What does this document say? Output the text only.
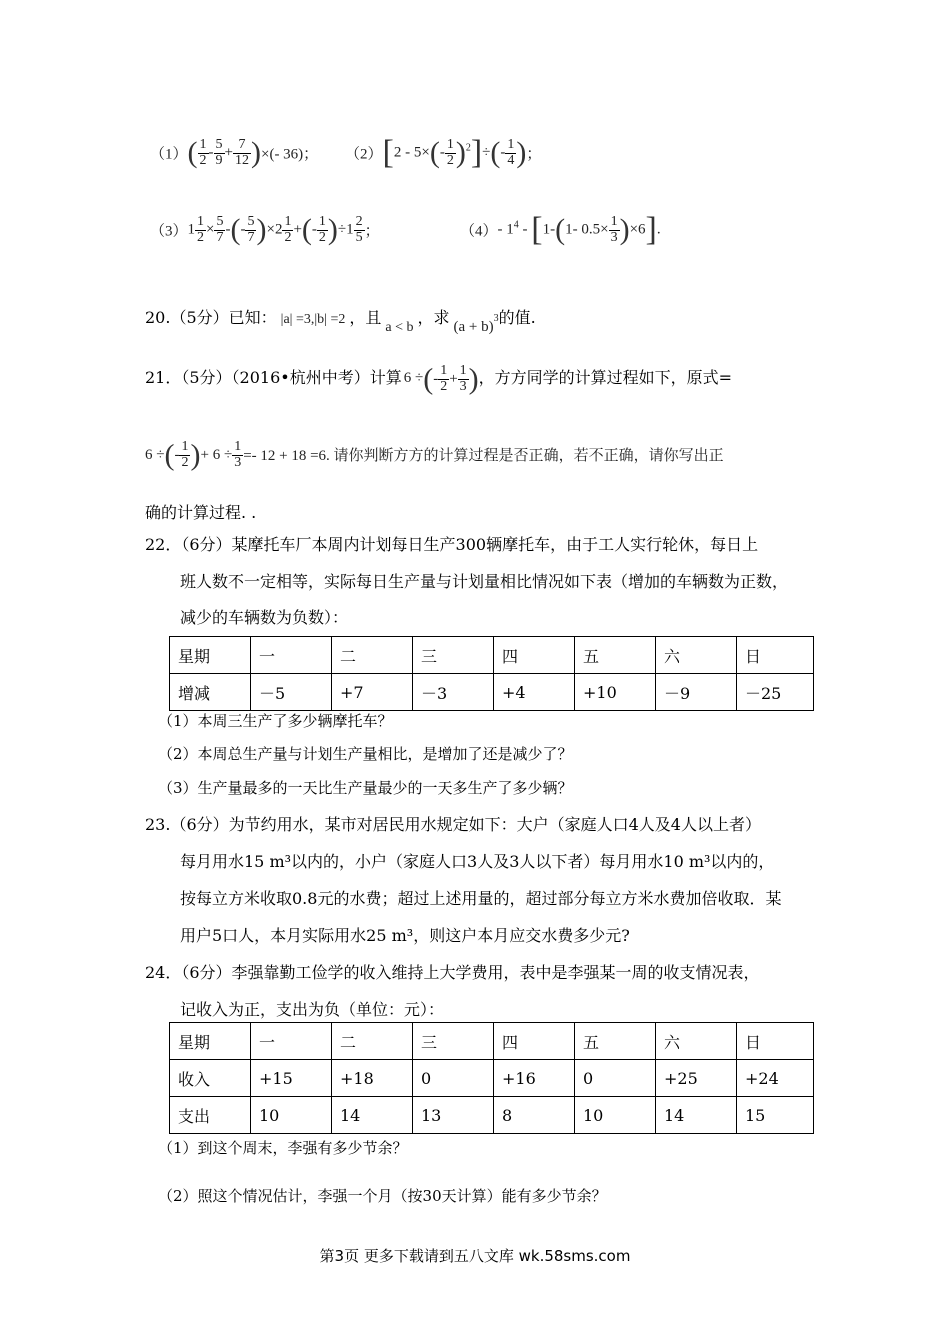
$(1)( \frac{1}{2} - \frac{5}{9} + \frac{7}{12}$ )×(- 36)； $(2)[2 - 5\times(- \frac{1}{2} )^2]\div(- \frac{1}{4}$ )；
$(3)1 \frac{1}{2} \times \frac{5}{7}$ -(- $\frac{5}{7} )\times 2 \frac{1}{2}$ +(- $\frac{1}{2} )\div 1 \frac{2}{5}$ ；	（4）- $1^4 - [1-(1-$ $0.5\times \frac{1}{3} )\times 6$].
20.（5分）已知： |a| =3,|b| =2 ，且a < b，求 $(a + b)^3$的值.
21．（5分）（2016•杭州中考）计算 6 ÷(- $\frac{1}{2} + \frac{1}{3}$ )，方方同学的计算过程如下，原式=
6 ÷(- $\frac{1}{2}$ )+ $6 \div \frac{1}{3} =- 12 + 18 =6$. 请你判断方方的计算过程是否正确，若不正确，请你写出正
确的计算过程. .
22．（6分）某摩托车厂本周内计划每日生产300辆摩托车，由于工人实行轮休，每日上
班人数不一定相等，实际每日生产量与计划量相比情况如下表（增加的车辆数为正数，
减少的车辆数为负数）：
星期	一	二	三	四	五	六	日
增减	－5	+7	－3	+4	+10	－9	－25
（1）本周三生产了多少辆摩托车？
（2）本周总生产量与计划生产量相比，是增加了还是减少了？
（3）生产量最多的一天比生产量最少的一天多生产了多少辆？
23.（6分）为节约用水，某市对居民用水规定如下：大户（家庭人口4人及4人以上者）
每月用水15 m³以内的，小户（家庭人口3人及3人以下者）每月用水10 m³以内的，
按每立方米收取0.8元的水费；超过上述用量的，超过部分每立方米水费加倍收取．某
用户5口人，本月实际用水25 m³，则这户本月应交水费多少元?
24．（6分）李强靠勤工俭学的收入维持上大学费用，表中是李强某一周的收支情况表，
记收入为正，支出为负（单位：元）：
星期	一	二	三	四	五	六	日
收入	+15	+18	0	+16	0	+25	+24
支出	10	14	13	8	10	14	15
（1）到这个周末，李强有多少节余？
（2）照这个情况估计，李强一个月（按30天计算）能有多少节余？
第3页 更多下载请到五八文库 wk.58sms.com
